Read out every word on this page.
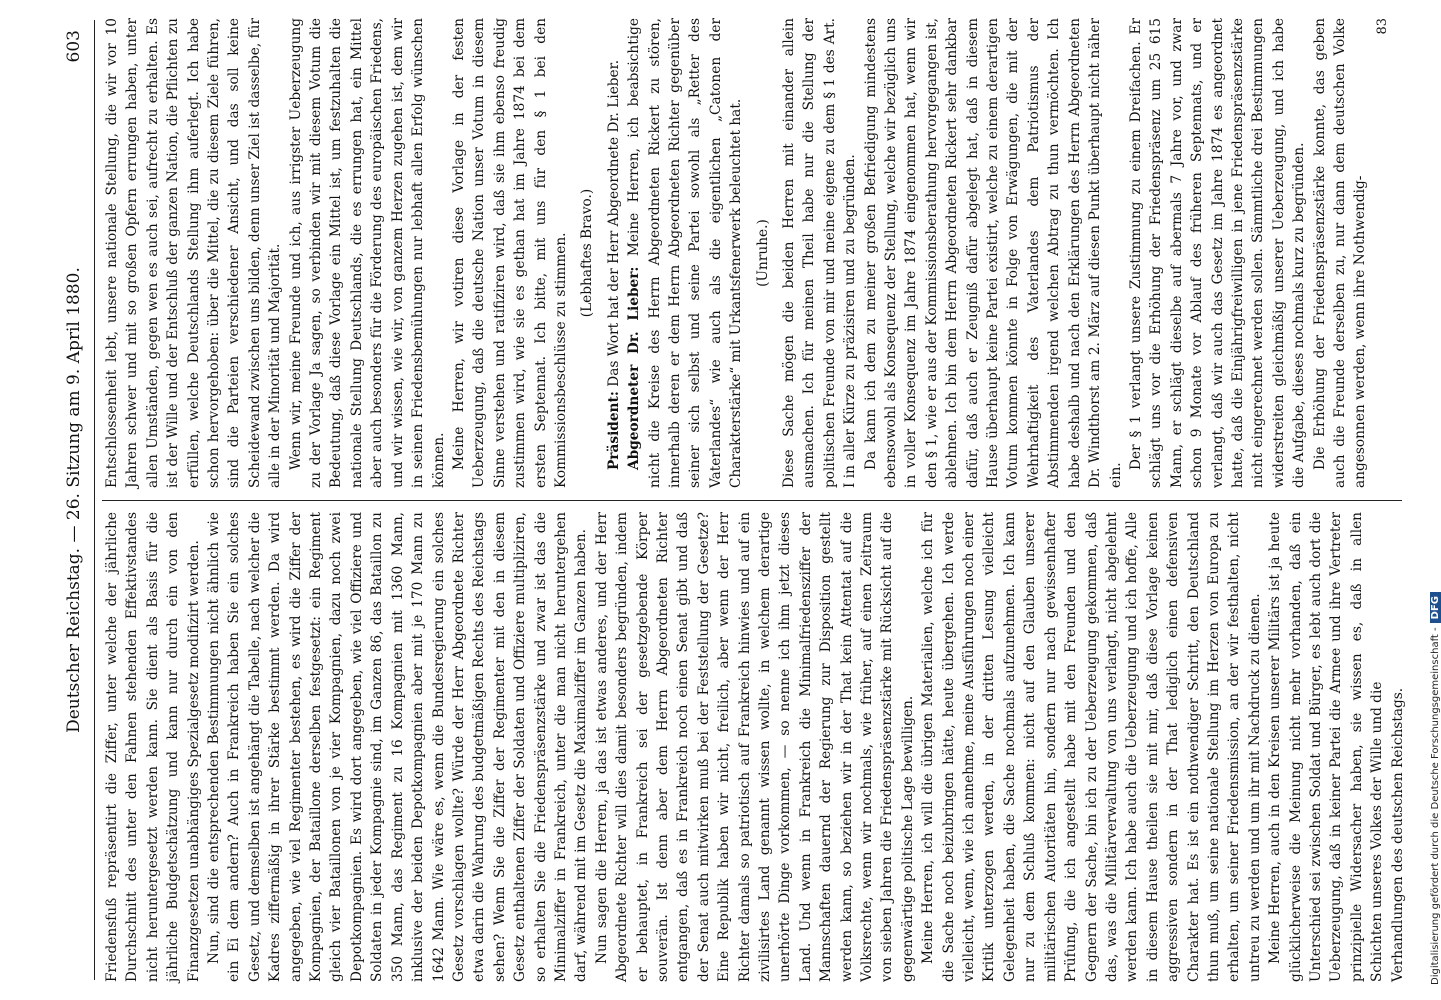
Deutscher Reichstag. — 26. Sitzung am 9. April 1880.
603

Friedensfuß repräsentirt die Ziffer, unter welche der jährliche Durchschnitt des unter den Fahnen stehenden Effektivstandes nicht heruntergesetzt werden kann. Sie dient als Basis für die jährliche Budgetschätzung und kann nur durch ein von den Finanzgesetzen unabhängiges Spezialgesetz modifizirt werden. Nun, sind die entsprechenden Bestimmungen nicht ähnlich wie ein Ei dem andern? Auch in Frankreich haben Sie ein solches Gesetz, und demselben ist angehängt die Tabelle, nach welcher die Kadres ziffermäßig in ihrer Stärke bestimmt werden. Da wird angegeben, wie viel Regimenter bestehen, es wird die Ziffer der Kompagnien, der Bataillone derselben festgesetzt: ein Regiment gleich vier Bataillonen von je vier Kompagnien, dazu noch zwei Depotkompagnien. Es wird dort angegeben, wie viel Offiziere und Soldaten in jeder Kompagnie sind, im Ganzen 86, das Bataillon zu 350 Mann, das Regiment zu 16 Kompagnien mit 1360 Mann, inklusive der beiden Depotkompagnien aber mit je 170 Mann zu 1642 Mann. Wie wäre es, wenn die Bundesregierung ein solches Gesetz vorschlagen wollte? Würde der Herr Abgeordnete Richter etwa darin die Wahrung des budgetmäßigen Rechts des Reichstags sehen? Wenn Sie die Ziffer der Regimenter mit den in diesem Gesetz enthaltenen Ziffer der Soldaten und Offiziere multipliziren, so erhalten Sie die Friedenspräsenzstärke und zwar ist das die Minimalziffer in Frankreich, unter die man nicht heruntergehen darf, während mit im Gesetz die Maximalziffer im Ganzen haben. Nun sagen die Herren, ja das ist etwas anderes, und der Herr Abgeordnete Richter will dies damit besonders begründen, indem er behauptet, in Frankreich sei der gesetzgebende Körper souverän. Ist denn aber dem Herrn Abgeordneten Richter entgangen, daß es in Frankreich noch einen Senat gibt und daß der Senat auch mitwirken muß bei der Feststellung der Gesetze? Eine Republik haben wir nicht, freilich, aber wenn der Herr Richter damals so patriotisch auf Frankreich hinwies und auf ein zivilisirtes Land genannt wissen wollte, in welchem derartige unerhörte Dinge vorkommen, — so nenne ich ihm jetzt dieses Land. Und wenn in Frankreich die Minimalfriedensziffer der Mannschaften dauernd der Regierung zur Disposition gestellt werden kann, so beziehen wir in der That kein Attentat auf die Volksrechte, wenn wir nochmals, wie früher, auf einen Zeitraum von sieben Jahren die Friedenspräsenzstärke mit Rücksicht auf die gegenwärtige politische Lage bewilligen. Meine Herren, ich will die übrigen Materialien, welche ich für die Sache noch beizubringen hätte, heute übergehen. Ich werde vielleicht, wenn, wie ich annehme, meine Ausführungen noch einer Kritik unterzogen werden, in der dritten Lesung vielleicht Gelegenheit haben, die Sache nochmals aufzunehmen. Ich kann nur zu dem Schluß kommen: nicht auf den Glauben unserer militärischen Autoritäten hin, sondern nur nach gewissenhafter Prüfung, die ich angestellt habe mit den Freunden und den Gegnern der Sache, bin ich zu der Ueberzeugung gekommen, daß das, was die Militärverwaltung von uns verlangt, nicht abgelehnt werden kann. Ich habe auch die Ueberzeugung und ich hoffe, Alle in diesem Hause theilen sie mit mir, daß diese Vorlage keinen aggressiven sondern in der That lediglich einen defensiven Charakter hat. Es ist ein nothwendiger Schritt, den Deutschland thun muß, um seine nationale Stellung im Herzen von Europa zu erhalten, um seiner Friedensmission, an der wir festhalten, nicht untreu zu werden und um ihr mit Nachdruck zu dienen. Meine Herren, auch in den Kreisen unserer Militärs ist ja heute glücklicherweise die Meinung nicht mehr vorhanden, daß ein Unterschied sei zwischen Soldat und Bürger, es lebt auch dort die Ueberzeugung, daß in keiner Partei die Armee und ihre Vertreter prinzipielle Widersacher haben, sie wissen es, daß in allen Schichten unseres Volkes der Wille und die Verhandlungen des deutschen Reichstags.

Entschlossenheit lebt, unsere nationale Stellung, die wir vor 10 Jahren schwer und mit so großen Opfern errungen haben, unter allen Umständen, gegen wen es auch sei, aufrecht zu erhalten. Es ist der Wille und der Entschluß der ganzen Nation, die Pflichten zu erfüllen, welche Deutschlands Stellung ihm auferlegt. Ich habe schon hervorgehoben: über die Mittel, die zu diesem Ziele führen, sind die Parteien verschiedener Ansicht, und das soll keine Scheidewand zwischen uns bilden, denn unser Ziel ist dasselbe, für alle in der Minorität und Majorität. Wenn wir, meine Freunde und ich, aus irrigster Ueberzeugung zu der Vorlage Ja sagen, so verbinden wir mit diesem Votum die Bedeutung, daß diese Vorlage ein Mittel ist, um festzuhalten die nationale Stellung Deutschlands, die es errungen hat, ein Mittel aber auch besonders für die Förderung des europäischen Friedens, und wir wissen, wie wir, von ganzem Herzen zugehen ist, dem wir in seinen Friedensbemühungen nur lebhaft allen Erfolg wünschen können. Meine Herren, wir votiren diese Vorlage in der festen Ueberzeugung, daß die deutsche Nation unser Votum in diesem Sinne verstehen und ratifiziren wird, daß sie ihm ebenso freudig zustimmen wird, wie sie es gethan hat im Jahre 1874 bei dem ersten Septennat. Ich bitte, mit uns für den § 1 bei den Kommissionsbeschlüsse zu stimmen. (Lebhaftes Bravo.)

Präsident: Das Wort hat der Herr Abgeordnete Dr. Lieber. Abgeordneter Dr. Lieber: Meine Herren, ich beabsichtige nicht die Kreise des Herrn Abgeordneten Rickert zu stören, innerhalb deren er dem Herrn Abgeordneten Richter gegenüber seiner sich selbst und seine Partei sowohl als „Retter des Vaterlandes“ wie auch als die eigentlichen „Catonen der Charakterstärke“ mit Urkantsfenerwerk beleuchtet hat. (Unruhe.) Diese Sache mögen die beiden Herren mit einander allein ausmachen. Ich für meinen Theil habe nur die Stellung der politischen Freunde von mir und meine eigene zu dem § 1 des Art. I in aller Kürze zu präzisiren und zu begründen. Da kann ich dem zu meiner großen Befriedigung mindestens ebensowohl als Konsequenz der Stellung, welche wir bezüglich uns in voller Konsequenz im Jahre 1874 eingenommen hat, wenn wir den § 1, wie er aus der Kommissionsberathung hervorgegangen ist, ablehnen. Ich bin dem Herrn Abgeordneten Rickert sehr dankbar dafür, daß auch er Zeugniß dafür abgelegt hat, daß in diesem Hause überhaupt keine Partei existirt, welche zu einem derartigen Votum kommen könnte in Folge von Erwägungen, die mit der Wehrhaftigkeit des Vaterlandes dem Patriotismus der Abstimmenden irgend welchen Abtrag zu thun vermöchten. Ich habe deshalb und nach den Erklärungen des Herrn Abgeordneten Dr. Windthorst am 2. März auf diesen Punkt überhaupt nicht näher ein.

Der § 1 verlangt unsere Zustimmung zu einem Dreifachen. Er schlägt uns vor die Erhöhung der Friedenspräsenz um 25 615 Mann, er schlägt dieselbe auf abermals 7 Jahre vor, und zwar schon 9 Monate vor Ablauf des früheren Septennats, und er verlangt, daß wir auch das Gesetz im Jahre 1874 es angeordnet hatte, daß die Einjährigfreiwilligen in jene Friedenspräsenzstärke nicht eingerechnet werden sollen. Sämmtliche drei Bestimmungen widerstreiten gleichmäßig unserer Ueberzeugung, und ich habe die Aufgabe, dieses nochmals kurz zu begründen. Die Erhöhung der Friedenspräsenzstärke konnte, das geben auch die Freunde derselben zu, nur dann dem deutschen Volke angesonnen werden, wenn ihre Nothwendig-

83
Digitalisierung gefördert durch die Deutsche Forschungsgemeinschaft -DFG
